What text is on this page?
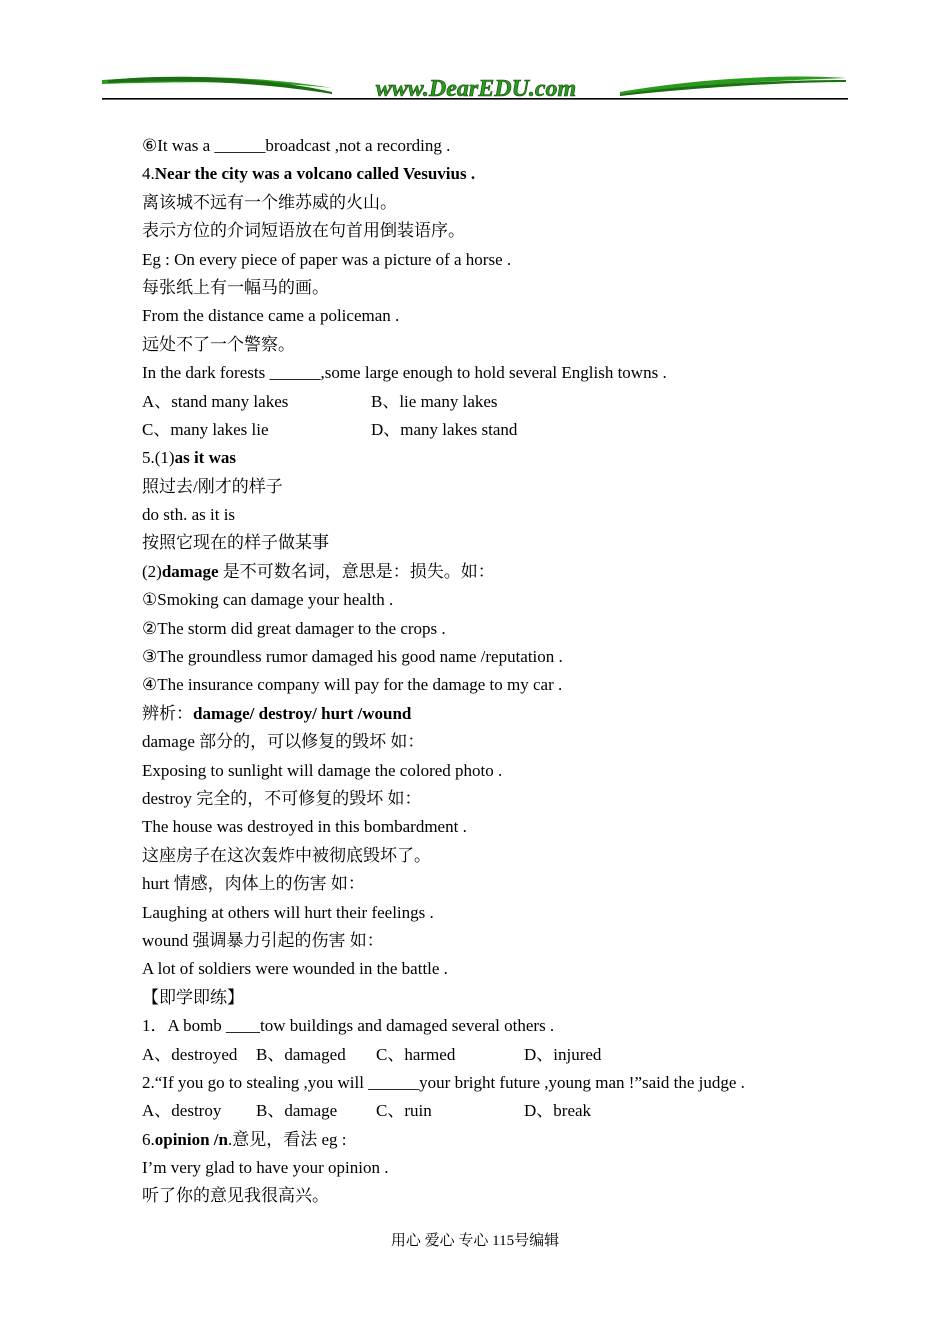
www.DearEDU.com
⑥It was a ______broadcast ,not a recording .
4.Near the city was a volcano called Vesuvius .
离该城不远有一个维苏威的火山。
表示方位的介词短语放在句首用倒装语序。
Eg : On every piece of paper was a picture of a horse .
每张纸上有一幅马的画。
From the distance came a policeman .
远处不了一个警察。
In the dark forests ______,some large enough to hold several English towns .
A、stand many lakes	B、lie many lakes
C、many lakes lie	D、many lakes stand
5.(1)as it was
照过去/刚才的样子
do sth. as it is
按照它现在的样子做某事
(2)damage 是不可数名词，意思是：损失。如：
①Smoking can damage your health .
②The storm did great damager to the crops .
③The groundless rumor damaged his good name /reputation .
④The insurance company will pay for the damage to my car .
辨析：damage/ destroy/ hurt /wound
damage 部分的，可以修复的毁坏 如：
Exposing to sunlight will damage the colored photo .
destroy 完全的，不可修复的毁坏 如：
The house was destroyed in this bombardment .
这座房子在这次轰炸中被彻底毁坏了。
hurt 情感，肉体上的伤害 如：
Laughing at others will hurt their feelings .
wound 强调暴力引起的伤害 如：
A lot of soldiers were wounded in the battle .
【即学即练】
1．A bomb ____tow buildings and damaged several others .
A、destroyed B、damaged C、harmed	D、injured
2.“If you go to stealing ,you will ______your bright future ,young man !”said the judge .
A、destroy B、damage C、ruin	D、break
6.opinion /n.意见，看法 eg :
I’m very glad to have your opinion .
听了你的意见我很高兴。
用心 爱心 专心 115号编辑
